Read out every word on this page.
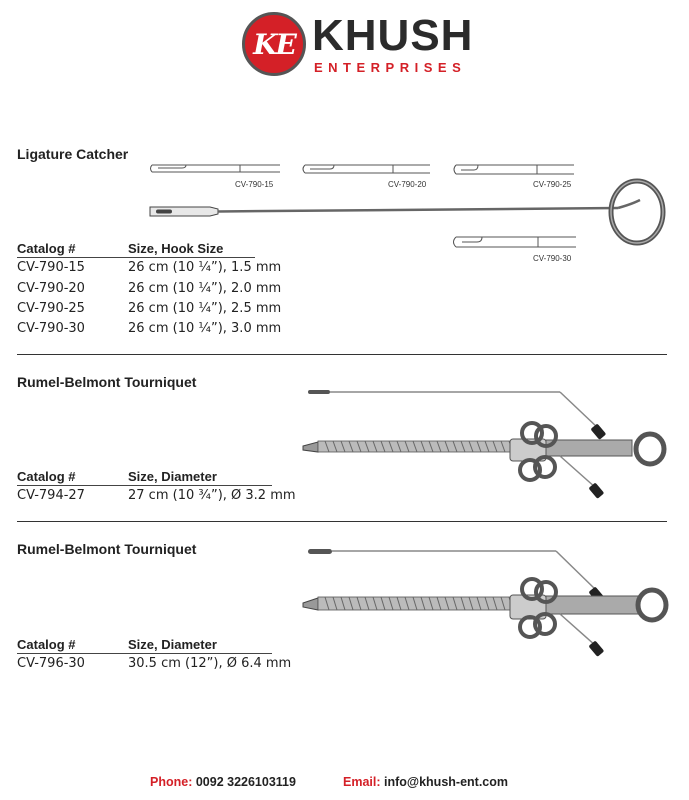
KE KHUSH
ENTERPRISES
Ligature Catcher
CV-790-15	CV-790-20	CV-790-25
CV-790-30
Catalog #	Size, Hook Size
CV-790-15	26 cm (10 ¼”), 1.5 mm
CV-790-20	26 cm (10 ¼”), 2.0 mm
CV-790-25	26 cm (10 ¼”), 2.5 mm
CV-790-30	26 cm (10 ¼”), 3.0 mm
Rumel-Belmont Tourniquet
Catalog #	Size, Diameter
CV-794-27	27 cm (10 ¾”), Ø 3.2 mm
Rumel-Belmont Tourniquet
Catalog #	Size, Diameter
CV-796-30	30.5 cm (12”), Ø 6.4 mm
Phone: 0092 3226103119	Email: info@khush-ent.com
